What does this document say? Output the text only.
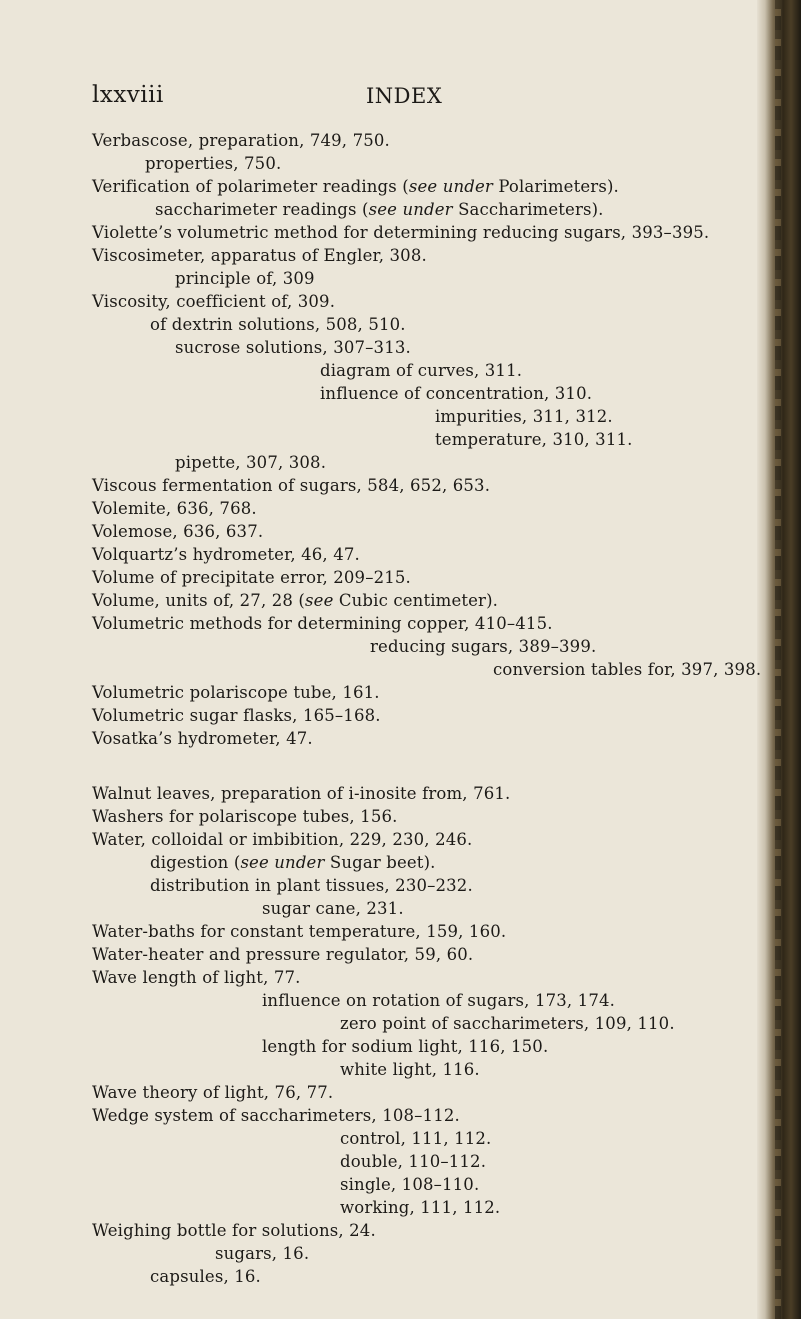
lxxviii	INDEX
Verbascose, preparation, 749, 750.
properties, 750.
Verification of polarimeter readings (see under Polarimeters).
saccharimeter readings (see under Saccharimeters).
Violette’s volumetric method for determining reducing sugars, 393–395.
Viscosimeter, apparatus of Engler, 308.
principle of, 309
Viscosity, coefficient of, 309.
of dextrin solutions, 508, 510.
sucrose solutions, 307–313.
diagram of curves, 311.
influence of concentration, 310.
impurities, 311, 312.
temperature, 310, 311.
pipette, 307, 308.
Viscous fermentation of sugars, 584, 652, 653.
Volemite, 636, 768.
Volemose, 636, 637.
Volquartz’s hydrometer, 46, 47.
Volume of precipitate error, 209–215.
Volume, units of, 27, 28 (see Cubic centimeter).
Volumetric methods for determining copper, 410–415.
reducing sugars, 389–399.
conversion tables for, 397, 398.
Volumetric polariscope tube, 161.
Volumetric sugar flasks, 165–168.
Vosatka’s hydrometer, 47.
Walnut leaves, preparation of i-inosite from, 761.
Washers for polariscope tubes, 156.
Water, colloidal or imbibition, 229, 230, 246.
digestion (see under Sugar beet).
distribution in plant tissues, 230–232.
sugar cane, 231.
Water-baths for constant temperature, 159, 160.
Water-heater and pressure regulator, 59, 60.
Wave length of light, 77.
influence on rotation of sugars, 173, 174.
zero point of saccharimeters, 109, 110.
length for sodium light, 116, 150.
white light, 116.
Wave theory of light, 76, 77.
Wedge system of saccharimeters, 108–112.
control, 111, 112.
double, 110–112.
single, 108–110.
working, 111, 112.
Weighing bottle for solutions, 24.
sugars, 16.
capsules, 16.
